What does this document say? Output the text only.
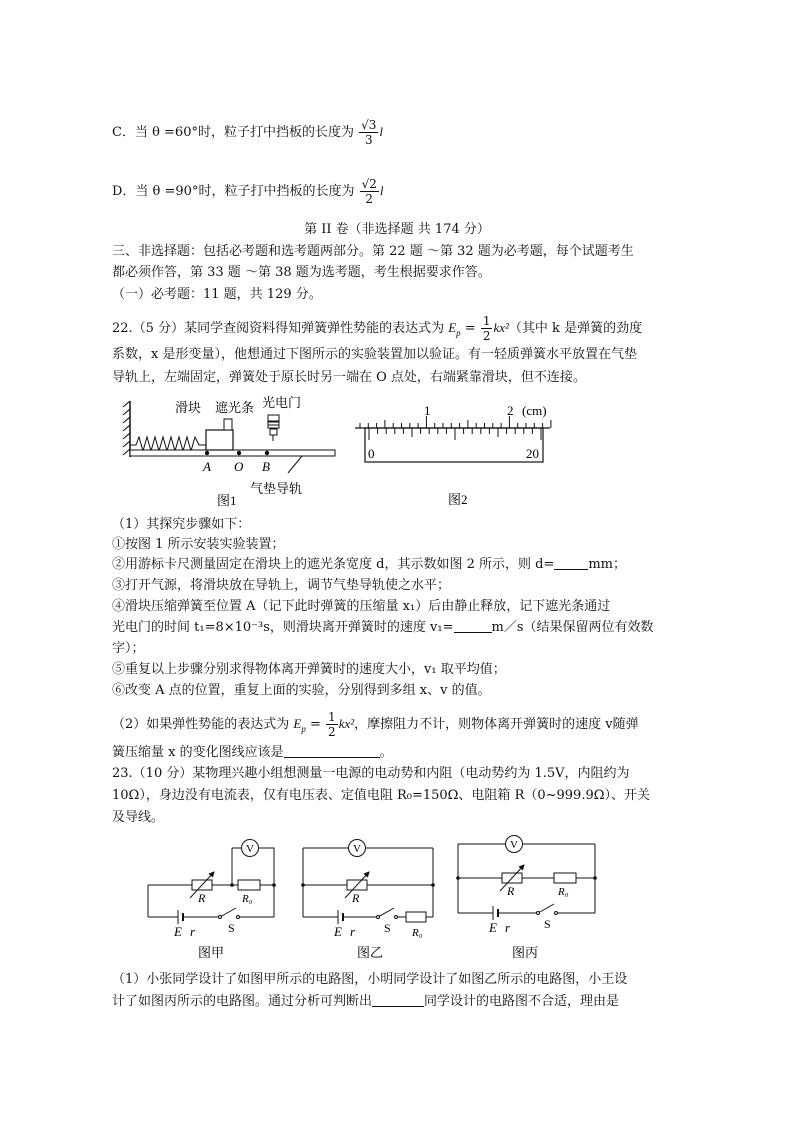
C．当 θ =60°时，粒子打中挡板的长度为 $\frac{√3}{3}$ l
D．当 θ =90°时，粒子打中挡板的长度为 $\frac{√2}{2}$ l
第 II 卷（非选择题 共 174 分）
三、非选择题：包括必考题和选考题两部分。第 22 题 ～第 32 题为必考题，每个试题考生
都必须作答，第 33 题 ～第 38 题为选考题，考生根据要求作答。
（一）必考题：11 题，共 129 分。
22.（5 分）某同学查阅资料得知弹簧弹性势能的表达式为 $E_p = \frac{1}{2} kx^2$（其中 k 是弹簧的劲度
系数，x 是形变量），他想通过下图所示的实验装置加以验证。有一轻质弹簧水平放置在气垫
导轨上，左端固定，弹簧处于原长时另一端在 O 点处，右端紧靠滑块，但不连接。
滑块 遮光条 光电门
A O B
气垫导轨
图1
1	2 (cm)
0	20
图2
（1）其探究步骤如下：
①按图 1 所示安装实验装置；
②用游标卡尺测量固定在滑块上的遮光条宽度 d，其示数如图 2 所示，则 d=	mm；
③打开气源，将滑块放在导轨上，调节气垫导轨使之水平；
④滑块压缩弹簧至位置 A（记下此时弹簧的压缩量 x₁）后由静止释放，记下遮光条通过
光电门的时间 t₁=8×10⁻³s，则滑块离开弹簧时的速度 v₁=	m／s（结果保留两位有效数
字）；
⑤重复以上步骤分别求得物体离开弹簧时的速度大小，v₁ 取平均值；
⑥改变 A 点的位置，重复上面的实验，分别得到多组 x、v 的值。
（2）如果弹性势能的表达式为 $E_p = \frac{1}{2} kx^2$，摩擦阻力不计，则物体离开弹簧时的速度 v随弹
簧压缩量 x 的变化图线应该是	。
23.（10 分）某物理兴趣小组想测量一电源的电动势和内阻（电动势约为 1.5V，内阻约为
10Ω），身边没有电流表，仅有电压表、定值电阻 R₀=150Ω、电阻箱 R（0~999.9Ω）、开关
及导线。
V
R	R₀
E r	S
图甲
V
R
R₀
E r S
图乙
V
R	R₀
E r	S
图丙
（1）小张同学设计了如图甲所示的电路图，小明同学设计了如图乙所示的电路图，小王设
计了如图丙所示的电路图。通过分析可判断出	同学设计的电路图不合适，理由是
